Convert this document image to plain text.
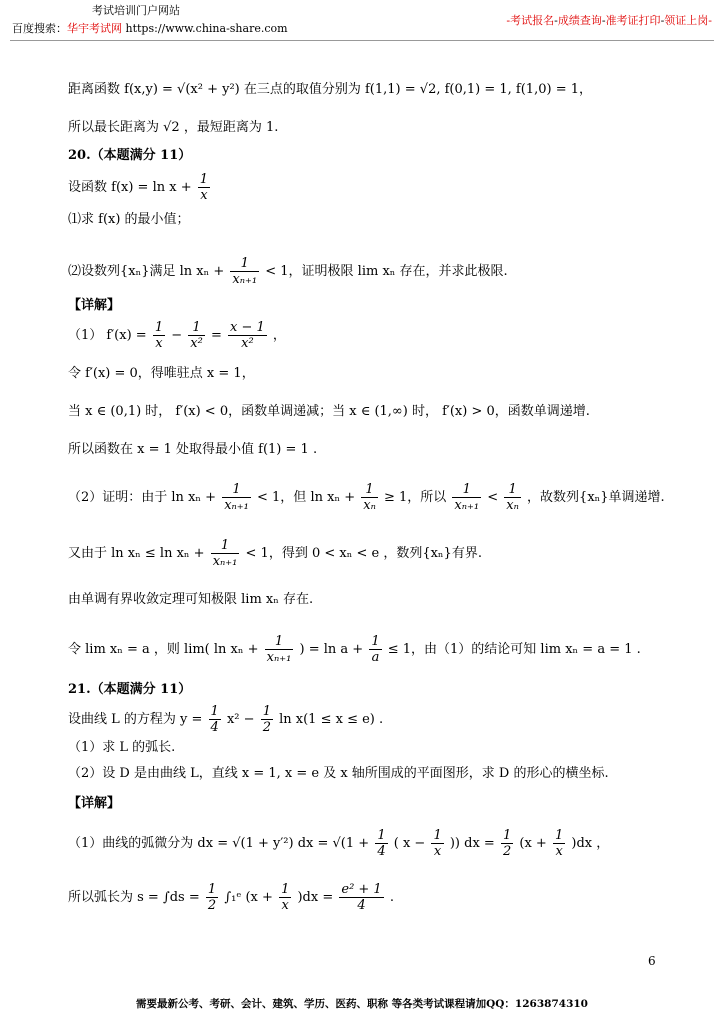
考试培训门户网站
百度搜索：华宇考试网 https://www.china-share.com
-考试报名-成绩查询-准考证打印-领证上岗-
距离函数 f(x,y) = √(x² + y²) 在三点的取值分别为 f(1,1) = √2, f(0,1) = 1, f(1,0) = 1，
所以最长距离为 √2 ，最短距离为 1.
20.（本题满分 11）
设函数 $f(x) = \ln x + \frac{1}{x}$
⑴求 f(x) 的最小值；
⑵设数列{xₙ}满足 $\ln x_n + \frac{1}{\text{xₙ₊₁}} < 1$，证明极限 lim xₙ 存在，并求此极限.
【详解】
（1） $f'(x) = \frac{1}{x} - \frac{1}{\text{x²}} = \frac{x - 1}{\text{x²}}$ ，
令 f′(x) = 0，得唯驻点 x = 1，
当 x ∈ (0,1) 时， f′(x) < 0，函数单调递减；当 x ∈ (1,∞) 时， f′(x) > 0，函数单调递增.
所以函数在 x = 1 处取得最小值 f(1) = 1 .
（2）证明：由于 $\ln x_n + \frac{1}{\text{xₙ₊₁}} < 1$，但 $\ln x_n + \frac{1}{\text{xₙ}} \ge 1$，所以 $\frac{1}{\text{xₙ₊₁}} < \frac{1}{\text{xₙ}}$ ，故数列{xₙ}单调递增.
又由于 $\ln x_n \le \ln x_n + \frac{1}{\text{xₙ₊₁}} < 1$，得到 0 < xₙ < e ，数列{xₙ}有界.
由单调有界收敛定理可知极限 lim xₙ 存在.
令 lim xₙ = a ，则 lim( $\ln x_n + \frac{1}{\text{xₙ₊₁}}$ ) = $\ln a + \frac{1}{a} \le 1$，由（1）的结论可知 lim xₙ = a = 1 .
21.（本题满分 11）
设曲线 L 的方程为 $y = \frac{1}{4} x^2 - \frac{1}{2}$ ln x(1 ≤ x ≤ e) .
（1）求 L 的弧长.
（2）设 D 是由曲线 L，直线 x = 1, x = e 及 x 轴所围成的平面图形，求 D 的形心的横坐标.
【详解】
（1）曲线的弧微分为 dx = √(1 + y′²) dx = $√(1 + \frac{1}{4}$ ( $x - \frac{1}{x}$ )) dx = $\frac{1}{2} (x + \frac{1}{x} )dx$ ，
所以弧长为 $s = \int ds = \frac{1}{2}$ ∫₁ᵉ $(x + \frac{1}{x} )dx = \frac{\text{e² + 1}}{4}$ .
6
需要最新公考、考研、会计、建筑、学历、医药、职称 等各类考试课程请加QQ：1263874310
